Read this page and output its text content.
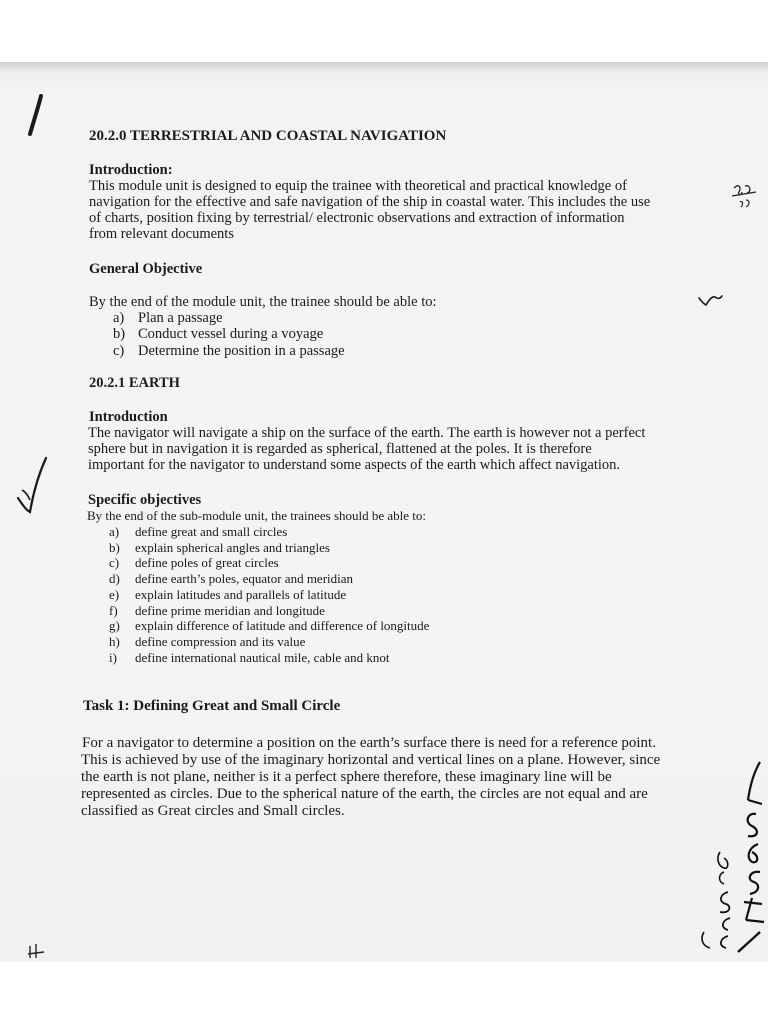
20.2.0 TERRESTRIAL AND COASTAL NAVIGATION
Introduction:
This module unit is designed to equip the trainee with theoretical and practical knowledge of
navigation for the effective and safe navigation of the ship in coastal water. This includes the use
of charts, position fixing by terrestrial/ electronic observations and extraction of information
from relevant documents
General Objective
By the end of the module unit, the trainee should be able to:
a) Plan a passage
b) Conduct vessel during a voyage
c) Determine the position in a passage
20.2.1 EARTH
Introduction
The navigator will navigate a ship on the surface of the earth. The earth is however not a perfect
sphere but in navigation it is regarded as spherical, flattened at the poles. It is therefore
important for the navigator to understand some aspects of the earth which affect navigation.
Specific objectives
By the end of the sub-module unit, the trainees should be able to:
a)	define great and small circles
b)	explain spherical angles and triangles
c)	define poles of great circles
d)	define earth’s poles, equator and meridian
e)	explain latitudes and parallels of latitude
f)	define prime meridian and longitude
g)	explain difference of latitude and difference of longitude
h)	define compression and its value
i)	define international nautical mile, cable and knot
Task 1: Defining Great and Small Circle
For a navigator to determine a position on the earth’s surface there is need for a reference point.
This is achieved by use of the imaginary horizontal and vertical lines on a plane. However, since
the earth is not plane, neither is it a perfect sphere therefore, these imaginary line will be
represented as circles. Due to the spherical nature of the earth, the circles are not equal and are
classified as Great circles and Small circles.
